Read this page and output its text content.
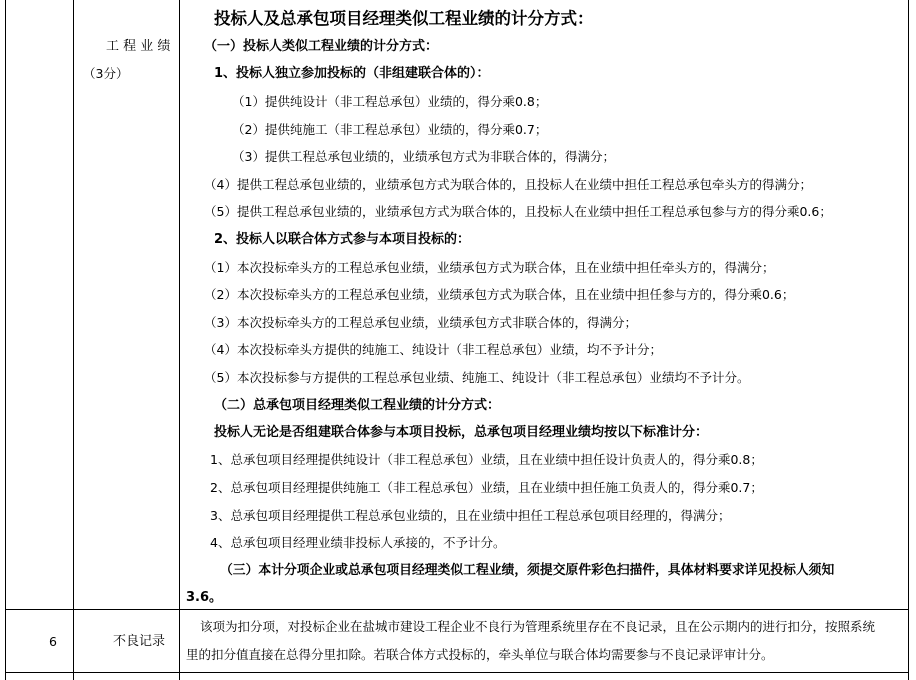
工 程 业 绩
（3分）
投标人及总承包项目经理类似工程业绩的计分方式：
（一）投标人类似工程业绩的计分方式：
1、投标人独立参加投标的（非组建联合体的）：
（1）提供纯设计（非工程总承包）业绩的，得分乘0.8；
（2）提供纯施工（非工程总承包）业绩的，得分乘0.7；
（3）提供工程总承包业绩的，业绩承包方式为非联合体的，得满分；
（4）提供工程总承包业绩的，业绩承包方式为联合体的，且投标人在业绩中担任工程总承包牵头方的得满分；
（5）提供工程总承包业绩的，业绩承包方式为联合体的，且投标人在业绩中担任工程总承包参与方的得分乘0.6；
2、投标人以联合体方式参与本项目投标的：
（1）本次投标牵头方的工程总承包业绩，业绩承包方式为联合体，且在业绩中担任牵头方的，得满分；
（2）本次投标牵头方的工程总承包业绩，业绩承包方式为联合体，且在业绩中担任参与方的，得分乘0.6；
（3）本次投标牵头方的工程总承包业绩，业绩承包方式非联合体的，得满分；
（4）本次投标牵头方提供的纯施工、纯设计（非工程总承包）业绩，均不予计分；
（5）本次投标参与方提供的工程总承包业绩、纯施工、纯设计（非工程总承包）业绩均不予计分。
（二）总承包项目经理类似工程业绩的计分方式：
投标人无论是否组建联合体参与本项目投标，总承包项目经理业绩均按以下标准计分：
1、总承包项目经理提供纯设计（非工程总承包）业绩，且在业绩中担任设计负责人的，得分乘0.8；
2、总承包项目经理提供纯施工（非工程总承包）业绩，且在业绩中担任施工负责人的，得分乘0.7；
3、总承包项目经理提供工程总承包业绩的，且在业绩中担任工程总承包项目经理的，得满分；
4、总承包项目经理业绩非投标人承接的，不予计分。
（三）本计分项企业或总承包项目经理类似工程业绩，须提交原件彩色扫描件，具体材料要求详见投标人须知
3.6。
6	不良记录
该项为扣分项，对投标企业在盐城市建设工程企业不良行为管理系统里存在不良记录，且在公示期内的进行扣分，按照系统
里的扣分值直接在总得分里扣除。若联合体方式投标的，牵头单位与联合体均需要参与不良记录评审计分。
